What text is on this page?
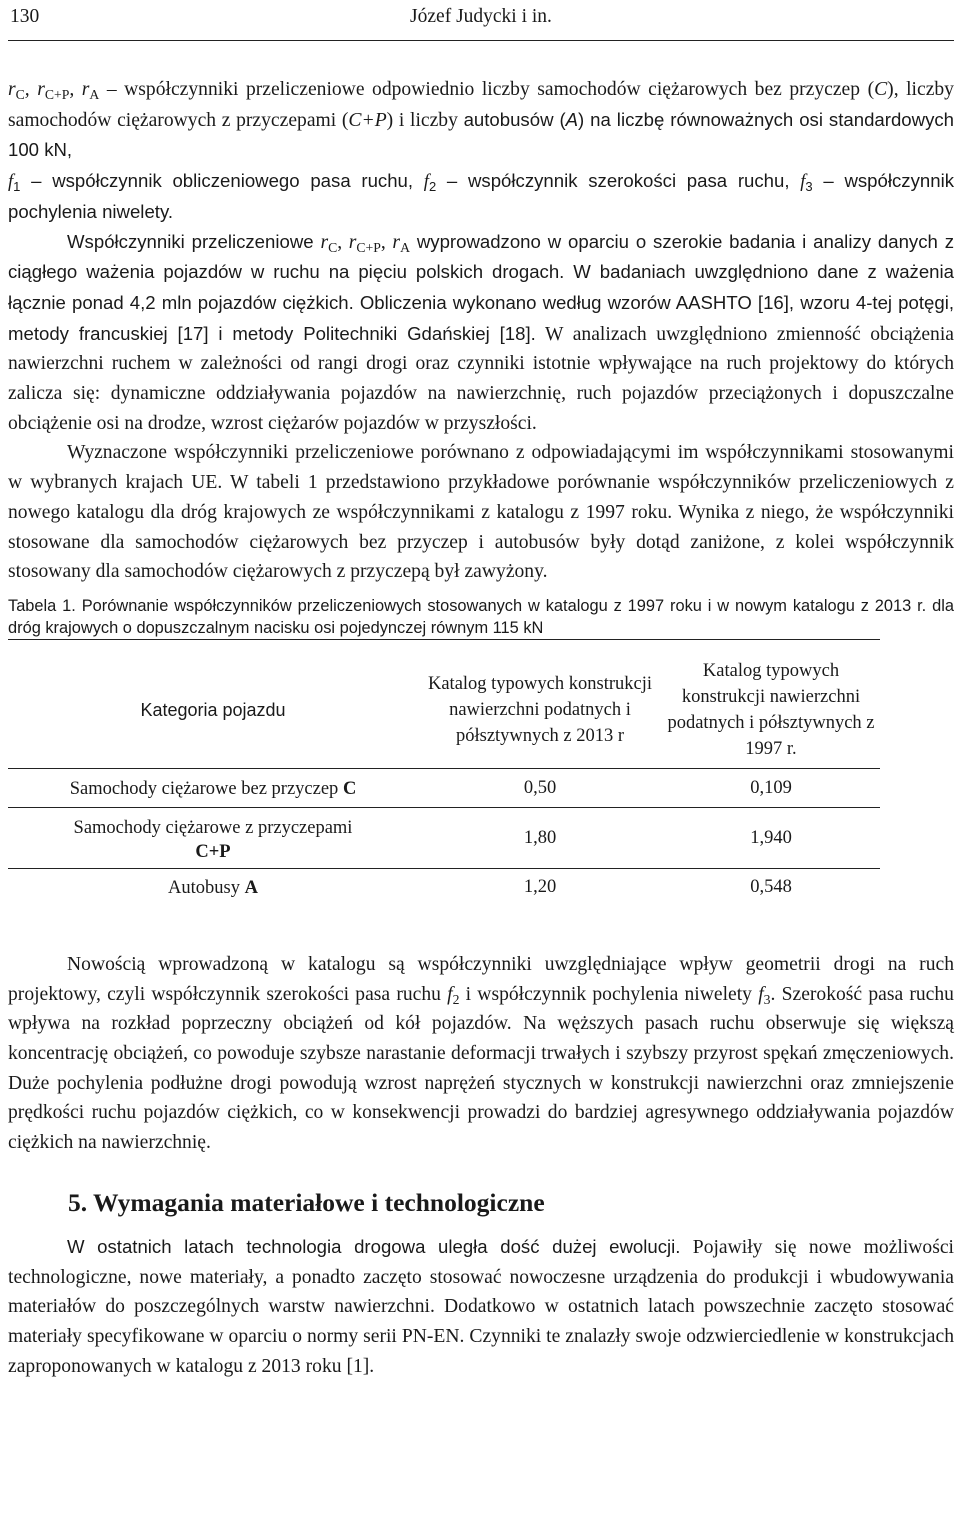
130	Józef Judycki i in.

$r_C$, $r_{C+P}$, $r_A$ – współczynniki przeliczeniowe odpowiednio liczby samochodów ciężarowych bez przyczep (C), liczby samochodów ciężarowych z przyczepami (C+P) i liczby autobusów (A) na liczbę równoważnych osi standardowych 100 kN,

$f_1$ – współczynnik obliczeniowego pasa ruchu, $f_2$ – współczynnik szerokości pasa ruchu, $f_3$ – współczynnik pochylenia niwelety.

Współczynniki przeliczeniowe $r_C$, $r_{C+P}$, $r_A$ wyprowadzono w oparciu o szerokie badania i analizy danych z ciągłego ważenia pojazdów w ruchu na pięciu polskich drogach. W badaniach uwzględniono dane z ważenia łącznie ponad 4,2 mln pojazdów ciężkich. Obliczenia wykonano według wzorów AASHTO [16], wzoru 4-tej potęgi, metody francuskiej [17] i metody Politechniki Gdańskiej [18]. W analizach uwzględniono zmienność obciążenia nawierzchni ruchem w zależności od rangi drogi oraz czynniki istotnie wpływające na ruch projektowy do których zalicza się: dynamiczne oddziaływania pojazdów na nawierzchnię, ruch pojazdów przeciążonych i dopuszczalne obciążenie osi na drodze, wzrost ciężarów pojazdów w przyszłości.

Wyznaczone współczynniki przeliczeniowe porównano z odpowiadającymi im współczynnikami stosowanymi w wybranych krajach UE. W tabeli 1 przedstawiono przykładowe porównanie współczynników przeliczeniowych z nowego katalogu dla dróg krajowych ze współczynnikami z katalogu z 1997 roku. Wynika z niego, że współczynniki stosowane dla samochodów ciężarowych bez przyczep i autobusów były dotąd zaniżone, z kolei współczynnik stosowany dla samochodów ciężarowych z przyczepą był zawyżony.

Tabela 1. Porównanie współczynników przeliczeniowych stosowanych w katalogu z 1997 roku i w nowym katalogu z 2013 r. dla dróg krajowych o dopuszczalnym nacisku osi pojedynczej równym 115 kN
Kategoria pojazdu	Katalog typowych konstrukcji nawierzchni podatnych i półsztywnych z 2013 r	Katalog typowych konstrukcji nawierzchni podatnych i półsztywnych z 1997 r.
Samochody ciężarowe bez przyczep C	0,50	0,109
Samochody ciężarowe z przyczepami
C+P	1,80	1,940
Autobusy A	1,20	0,548

Nowością wprowadzoną w katalogu są współczynniki uwzględniające wpływ geometrii drogi na ruch projektowy, czyli współczynnik szerokości pasa ruchu $f_2$ i współczynnik pochylenia niwelety $f_3$. Szerokość pasa ruchu wpływa na rozkład poprzeczny obciążeń od kół pojazdów. Na węższych pasach ruchu obserwuje się większą koncentrację obciążeń, co powoduje szybsze narastanie deformacji trwałych i szybszy przyrost spękań zmęczeniowych. Duże pochylenia podłużne drogi powodują wzrost naprężeń stycznych w konstrukcji nawierzchni oraz zmniejszenie prędkości ruchu pojazdów ciężkich, co w konsekwencji prowadzi do bardziej agresywnego oddziaływania pojazdów ciężkich na nawierzchnię.

5. Wymagania materiałowe i technologiczne

W ostatnich latach technologia drogowa uległa dość dużej ewolucji. Pojawiły się nowe możliwości technologiczne, nowe materiały, a ponadto zaczęto stosować nowoczesne urządzenia do produkcji i wbudowywania materiałów do poszczególnych warstw nawierzchni. Dodatkowo w ostatnich latach powszechnie zaczęto stosować materiały specyfikowane w oparciu o normy serii PN-EN. Czynniki te znalazły swoje odzwierciedlenie w konstrukcjach zaproponowanych w katalogu z 2013 roku [1].
